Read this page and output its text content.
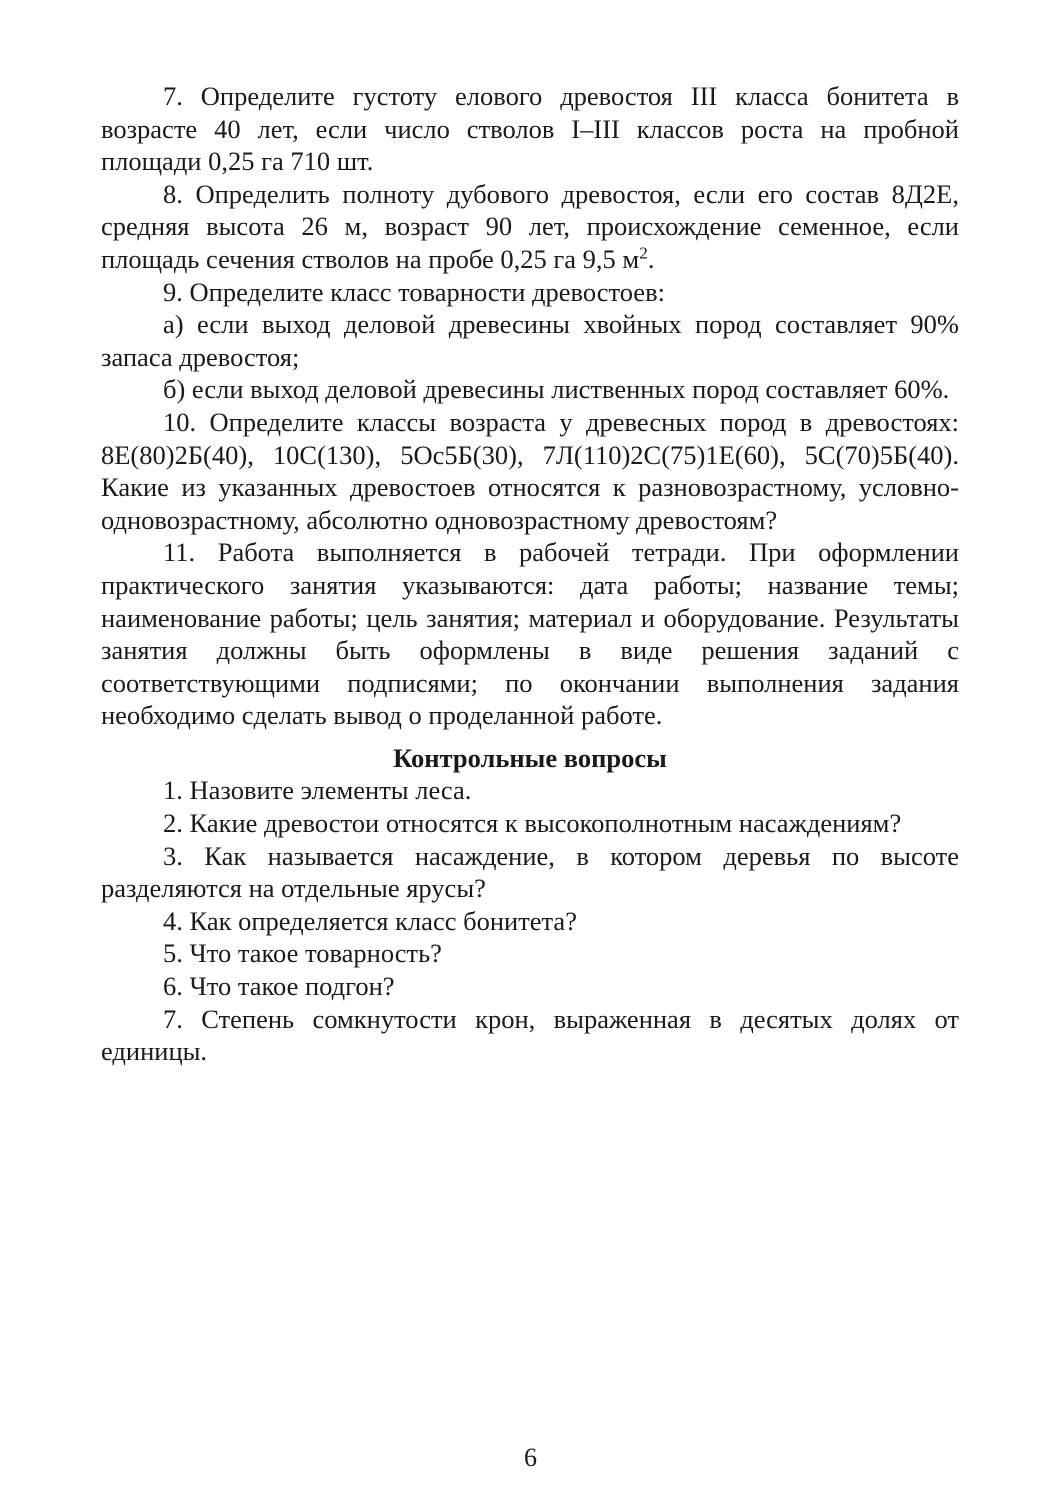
7. Определите густоту елового древостоя III класса бонитета в возрасте 40 лет, если число стволов I–III классов роста на пробной площади 0,25 га 710 шт.

8. Определить полноту дубового древостоя, если его состав 8Д2Е, средняя высота 26 м, возраст 90 лет, происхождение семенное, если площадь сечения стволов на пробе 0,25 га 9,5 $м^2$.

9. Определите класс товарности древостоев:

а) если выход деловой древесины хвойных пород составляет 90% запаса древостоя;

б) если выход деловой древесины лиственных пород составляет 60%.

10. Определите классы возраста у древесных пород в древостоях: 8Е(80)2Б(40), 10С(130), 5Ос5Б(30), 7Л(110)2С(75)1Е(60), 5С(70)5Б(40). Какие из указанных древостоев относятся к разновозрастному, условно-одновозрастному, абсолютно одновозрастному древостоям?

11. Работа выполняется в рабочей тетради. При оформлении практического занятия указываются: дата работы; название темы; наименование работы; цель занятия; материал и оборудование. Результаты занятия должны быть оформлены в виде решения заданий с соответствующими подписями; по окончании выполнения задания необходимо сделать вывод о проделанной работе.

Контрольные вопросы

1. Назовите элементы леса.

2. Какие древостои относятся к высокополнотным насаждениям?

3. Как называется насаждение, в котором деревья по высоте разделяются на отдельные ярусы?

4. Как определяется класс бонитета?

5. Что такое товарность?

6. Что такое подгон?

7. Степень сомкнутости крон, выраженная в десятых долях от единицы.

6
